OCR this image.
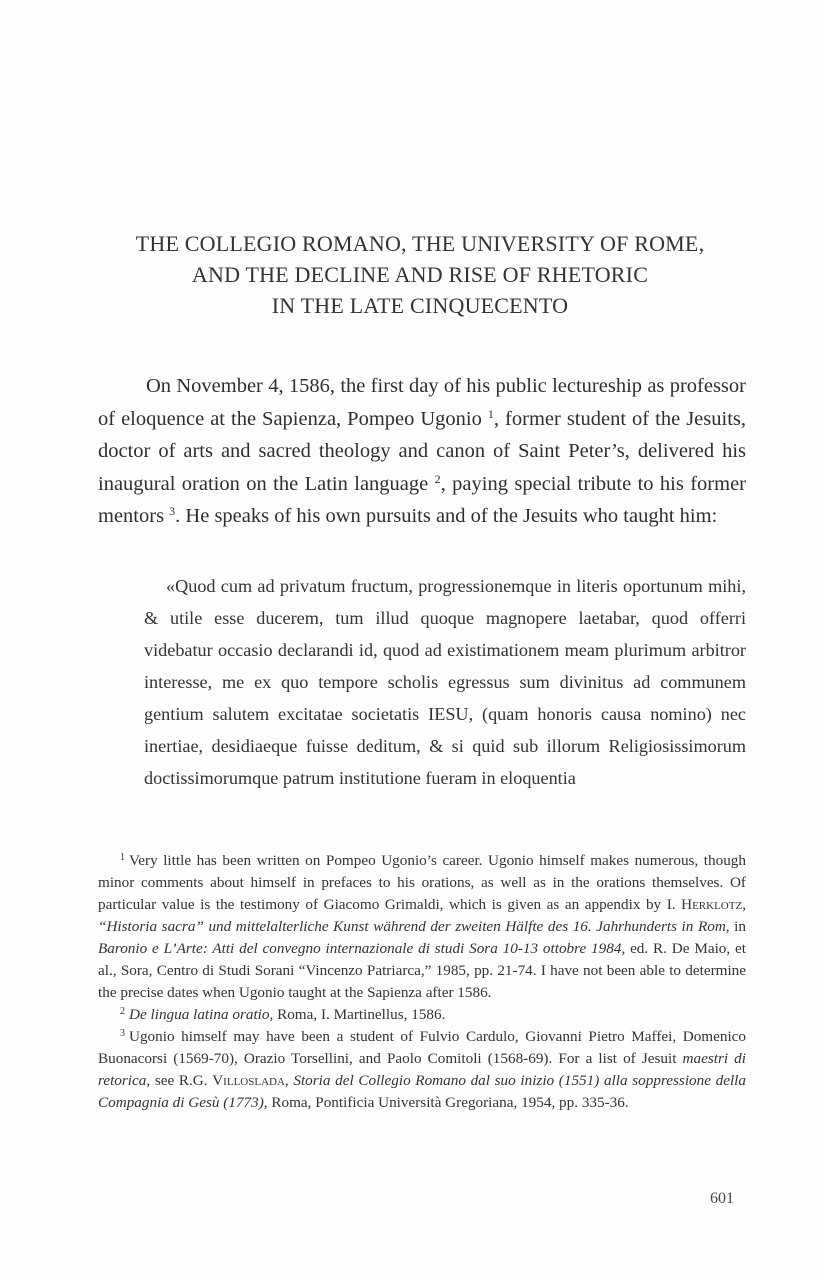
THE COLLEGIO ROMANO, THE UNIVERSITY OF ROME,
AND THE DECLINE AND RISE OF RHETORIC
IN THE LATE CINQUECENTO

On November 4, 1586, the first day of his public lectureship as professor of eloquence at the Sapienza, Pompeo Ugonio $^1$, former student of the Jesuits, doctor of arts and sacred theology and canon of Saint Peter’s, delivered his inaugural oration on the Latin language $^2$, paying special tribute to his former mentors $^3$. He speaks of his own pursuits and of the Jesuits who taught him:

«Quod cum ad privatum fructum, progressionemque in literis oportunum mihi, & utile esse ducerem, tum illud quoque magnopere laetabar, quod offerri videbatur occasio declarandi id, quod ad existimationem meam plurimum arbitror interesse, me ex quo tempore scholis egressus sum divinitus ad communem gentium salutem excitatae societatis IESU, (quam honoris causa nomino) nec inertiae, desidiaeque fuisse deditum, & si quid sub illorum Religiosissimorum doctissimorumque patrum institutione fueram in eloquentia

$^1$ Very little has been written on Pompeo Ugonio’s career. Ugonio himself makes numerous, though minor comments about himself in prefaces to his orations, as well as in the orations themselves. Of particular value is the testimony of Giacomo Grimaldi, which is given as an appendix by I. Herklotz, “Historia sacra” und mittelalterliche Kunst während der zweiten Hälfte des 16. Jahrhunderts in Rom, in Baronio e L’Arte: Atti del convegno internazionale di studi Sora 10-13 ottobre 1984, ed. R. De Maio, et al., Sora, Centro di Studi Sorani “Vincenzo Patriarca,” 1985, pp. 21-74. I have not been able to determine the precise dates when Ugonio taught at the Sapienza after 1586.

$^2$ De lingua latina oratio, Roma, I. Martinellus, 1586.

$^3$ Ugonio himself may have been a student of Fulvio Cardulo, Giovanni Pietro Maffei, Domenico Buonacorsi (1569-70), Orazio Torsellini, and Paolo Comitoli (1568-69). For a list of Jesuit maestri di retorica, see R.G. Villoslada, Storia del Collegio Romano dal suo inizio (1551) alla soppressione della Compagnia di Gesù (1773), Roma, Pontificia Università Gregoriana, 1954, pp. 335-36.

601
